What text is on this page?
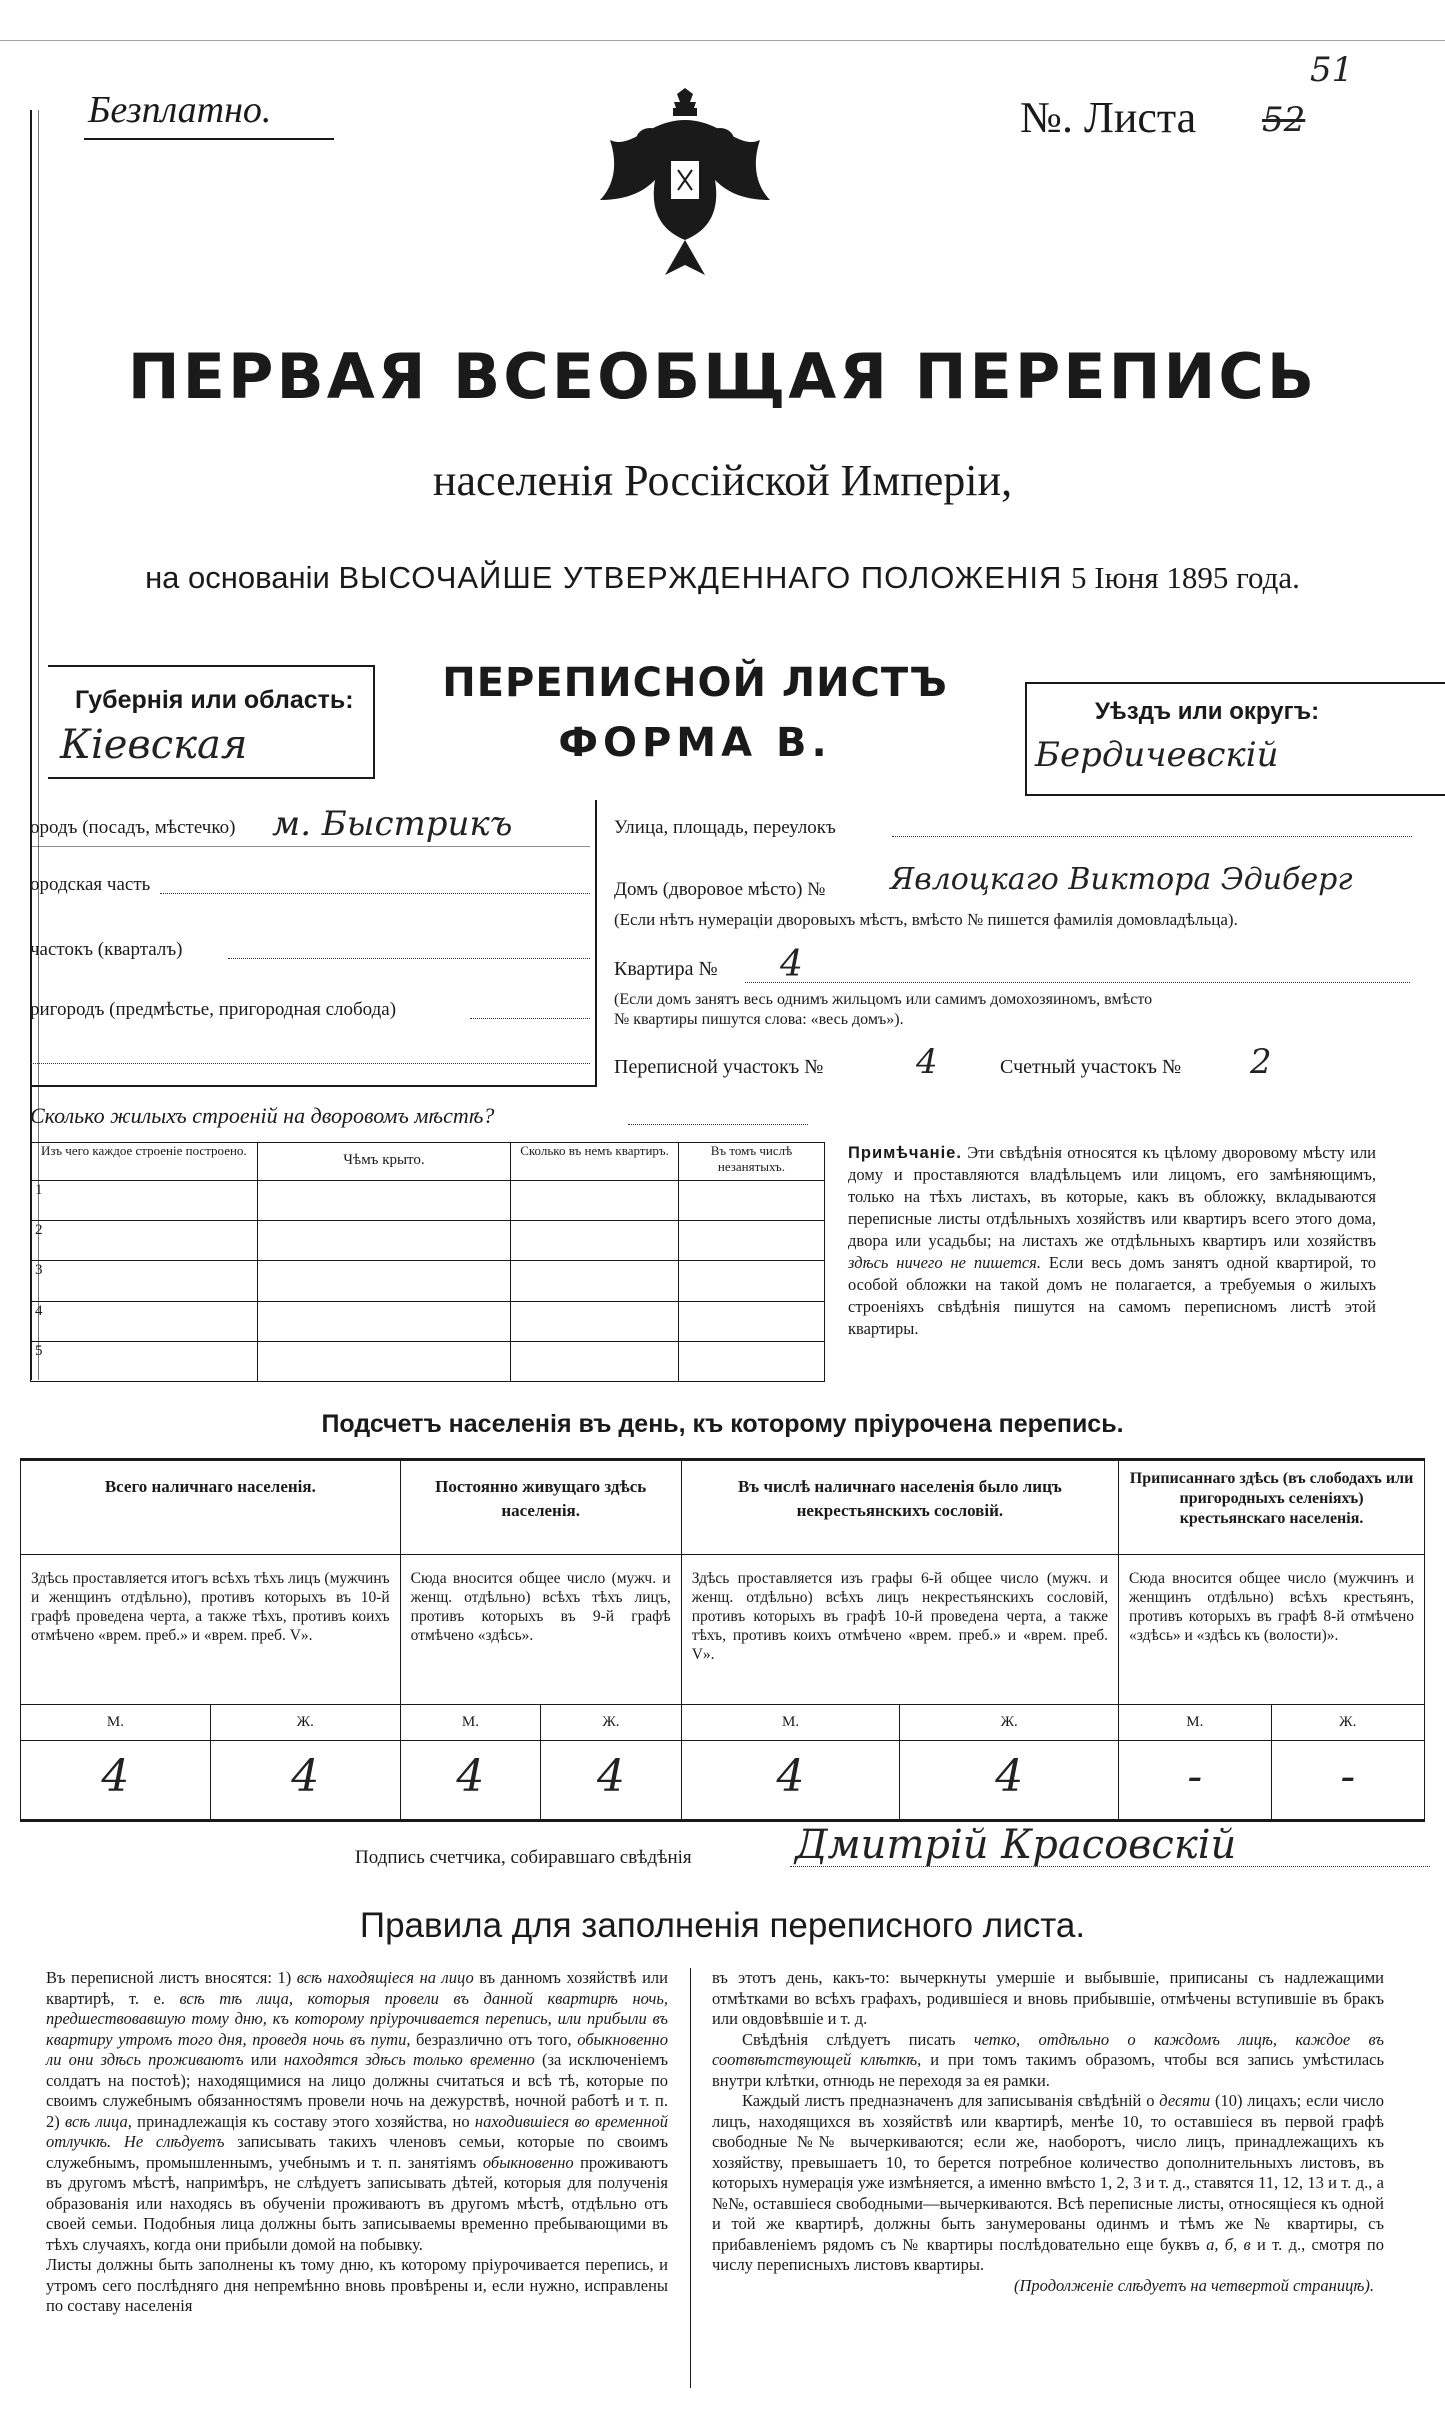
Безплатно.	№. Листа
51
52
ПЕРВАЯ ВСЕОБЩАЯ ПЕРЕПИСЬ
населенія Россійской Имперіи,
на основаніи ВЫСОЧАЙШЕ УТВЕРЖДЕННАГО ПОЛОЖЕНІЯ 5 Іюня 1895 года.
Губернія или область:
Кіевская
ПЕРЕПИСНОЙ ЛИСТЪ
ФОРМА В.
Уѣздъ или округъ:
Бердичевскій
ородъ (посадъ, мѣстечко) м. Быстрикъ
ородская часть
частокъ (кварталъ)
ригородъ (предмѣстье, пригородная слобода)
Улица, площадь, переулокъ
Домъ (дворовое мѣсто) № Явлоцкаго Виктора Эдиберг
(Если нѣтъ нумераціи дворовыхъ мѣстъ, вмѣсто № пишется фамилія домовладѣльца).
Квартира № 4
(Если домъ занятъ весь однимъ жильцомъ или самимъ домохозяиномъ, вмѣсто
№ квартиры пишутся слова: «весь домъ»).
Переписной участокъ №	4	Счетный участокъ № 2
Сколько жилыхъ строеній на дворовомъ мѣстѣ?
Изъ чего каждое строеніе построено.	Чѣмъ крыто.	Сколько въ немъ квартиръ.	Въ томъ числѣ незанятыхъ.
1			
2			
3			
4			
5			
Примѣчаніе. Эти свѣдѣнія относятся къ цѣлому дворовому мѣсту или дому и проставляются владѣльцемъ или лицомъ, его замѣняющимъ, только на тѣхъ листахъ, въ которые, какъ въ обложку, вкладываются переписные листы отдѣльныхъ хозяйствъ или квартиръ всего этого дома, двора или усадьбы; на листахъ же отдѣльныхъ квартиръ или хозяйствъ здѣсь ничего не пишется. Если весь домъ занятъ одной квартирой, то особой обложки на такой домъ не полагается, а требуемыя о жилыхъ строеніяхъ свѣдѣнія пишутся на самомъ переписномъ листѣ этой квартиры.
Подсчетъ населенія въ день, къ которому пріурочена перепись.
Всего наличнаго населенія.		Постоянно живущаго здѣсь населенія.		Въ числѣ наличнаго населенія было лицъ некрестьянскихъ сословій.		Приписаннаго здѣсь (въ слободахъ или пригородныхъ селеніяхъ) крестьянскаго населенія.	
Здѣсь проставляется итогъ всѣхъ тѣхъ лицъ (мужчинъ и женщинъ отдѣльно), противъ которыхъ въ 10-й графѣ проведена черта, а также тѣхъ, противъ коихъ отмѣчено «врем. преб.» и «врем. преб. V».		Сюда вносится общее число (мужч. и женщ. отдѣльно) всѣхъ тѣхъ лицъ, противъ которыхъ въ 9-й графѣ отмѣчено «здѣсь».		Здѣсь проставляется изъ графы 6-й общее число (мужч. и женщ. отдѣльно) всѣхъ лицъ некрестьянскихъ сословій, противъ которыхъ въ графѣ 10-й проведена черта, а также тѣхъ, противъ коихъ отмѣчено «врем. преб.» и «врем. преб. V».		Сюда вносится общее число (мужчинъ и женщинъ отдѣльно) всѣхъ крестьянъ, противъ которыхъ въ графѣ 8-й отмѣчено «здѣсь» и «здѣсь къ (волости)».	
М.	Ж.	М.	Ж.	М.	Ж.	М.	Ж.
4	4	4	4	4	4	-	-
Подпись счетчика, собиравшаго свѣдѣнія	Дмитрій Красовскій
Правила для заполненія переписного листа.
Въ переписной листъ вносятся: 1) всѣ находящіеся на лицо въ данномъ хозяйствѣ или квартирѣ, т. е. всѣ тѣ лица, которыя провели въ данной квартирѣ ночь, предшествовавшую тому дню, къ которому пріурочивается перепись, или прибыли въ квартиру утромъ того дня, проведя ночь въ пути, безразлично отъ того, обыкновенно ли они здѣсь проживаютъ или находятся здѣсь только временно (за исключеніемъ солдатъ на постоѣ); находящимися на лицо должны считаться и всѣ тѣ, которые по своимъ служебнымъ обязанностямъ провели ночь на дежурствѣ, ночной работѣ и т. п. 2) всѣ лица, принадлежащія къ составу этого хозяйства, но находившіеся во временной отлучкѣ. Не слѣдуетъ записывать такихъ членовъ семьи, которые по своимъ служебнымъ, промышленнымъ, учебнымъ и т. п. занятіямъ обыкновенно проживаютъ въ другомъ мѣстѣ, напримѣръ, не слѣдуетъ записывать дѣтей, которыя для полученія образованія или находясь въ обученіи проживаютъ въ другомъ мѣстѣ, отдѣльно отъ своей семьи. Подобныя лица должны быть записываемы временно пребывающими въ тѣхъ случаяхъ, когда они прибыли домой на побывку.
Листы должны быть заполнены къ тому дню, къ которому пріурочивается перепись, и утромъ сего послѣдняго дня непремѣнно вновь провѣрены и, если нужно, исправлены по составу населенія
въ этотъ день, какъ-то: вычеркнуты умершіе и выбывшіе, приписаны съ надлежащими отмѣтками во всѣхъ графахъ, родившіеся и вновь прибывшіе, отмѣчены вступившіе въ бракъ или овдовѣвшіе и т. д.
Свѣдѣнія слѣдуетъ писать четко, отдѣльно о каждомъ лицѣ, каждое въ соотвѣтствующей клѣткѣ, и при томъ такимъ образомъ, чтобы вся запись умѣстилась внутри клѣтки, отнюдь не переходя за ея рамки.
Каждый листъ предназначенъ для записыванія свѣдѣній о десяти (10) лицахъ; если число лицъ, находящихся въ хозяйствѣ или квартирѣ, менѣе 10, то оставшіеся въ первой графѣ свободные №№ вычеркиваются; если же, наоборотъ, число лицъ, принадлежащихъ къ хозяйству, превышаетъ 10, то берется потребное количество дополнительныхъ листовъ, въ которыхъ нумерація уже измѣняется, а именно вмѣсто 1, 2, 3 и т. д., ставятся 11, 12, 13 и т. д., а №№, оставшіеся свободными—вычеркиваются. Всѣ переписные листы, относящіеся къ одной и той же квартирѣ, должны быть занумерованы одинмъ и тѣмъ же № квартиры, съ прибавленіемъ рядомъ съ № квартиры послѣдовательно еще буквъ а, б, в и т. д., смотря по числу переписныхъ листовъ квартиры.

(Продолженіе слѣдуетъ на четвертой страницѣ).
